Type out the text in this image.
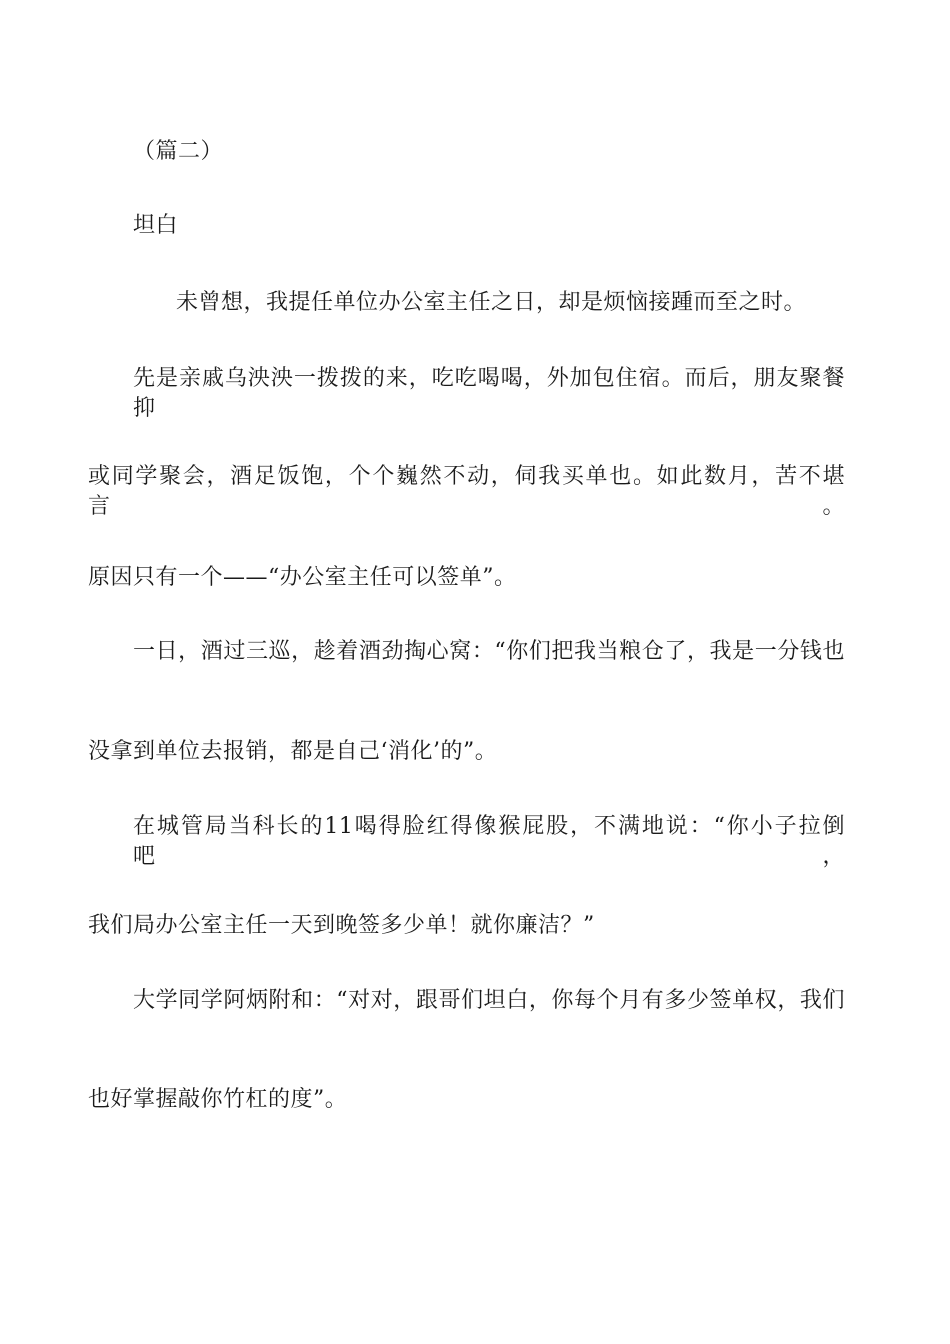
（篇二）
坦白
未曾想，我提任单位办公室主任之日，却是烦恼接踵而至之时。
先是亲戚乌泱泱一拨拨的来，吃吃喝喝，外加包住宿。而后，朋友聚餐抑
或同学聚会，酒足饭饱，个个巍然不动，伺我买单也。如此数月，苦不堪言。
原因只有一个——“办公室主任可以签单”。
一日，酒过三巡，趁着酒劲掏心窝：“你们把我当粮仓了，我是一分钱也
没拿到单位去报销，都是自己‘消化’的”。
在城管局当科长的11喝得脸红得像猴屁股，不满地说：“你小子拉倒吧，
我们局办公室主任一天到晚签多少单！就你廉洁？”
大学同学阿炳附和：“对对，跟哥们坦白，你每个月有多少签单权，我们
也好掌握敲你竹杠的度”。
